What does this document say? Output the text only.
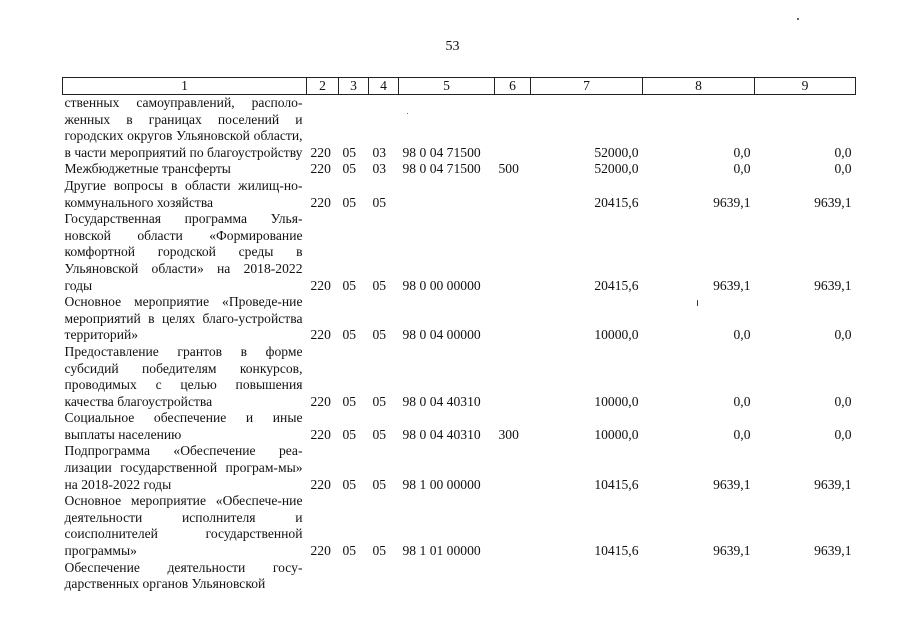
53
1	2	3	4	5	6	7	8	9
ственных самоуправлений, располо-женных в границах поселений и городских округов Ульяновской области, в части мероприятий по благоустройству	220	05	03	98 0 04 71500		52000,0	0,0	0,0
Межбюджетные трансферты	220	05	03	98 0 04 71500	500	52000,0	0,0	0,0
Другие вопросы в области жилищ-но-коммунального хозяйства	220	05	05			20415,6	9639,1	9639,1
Государственная программа Улья-новской области «Формирование комфортной городской среды в Ульяновской области» на 2018-2022 годы	220	05	05	98 0 00 00000		20415,6	9639,1	9639,1
Основное мероприятие «Проведе-ние мероприятий в целях благо-устройства территорий»	220	05	05	98 0 04 00000		10000,0	0,0	0,0
Предоставление грантов в форме субсидий победителям конкурсов, проводимых с целью повышения качества благоустройства	220	05	05	98 0 04 40310		10000,0	0,0	0,0
Социальное обеспечение и иные выплаты населению	220	05	05	98 0 04 40310	300	10000,0	0,0	0,0
Подпрограмма «Обеспечение реа-лизации государственной програм-мы» на 2018-2022 годы	220	05	05	98 1 00 00000		10415,6	9639,1	9639,1
Основное мероприятие «Обеспече-ние деятельности исполнителя и соисполнителей государственной программы»	220	05	05	98 1 01 00000		10415,6	9639,1	9639,1
Обеспечение деятельности госу-дарственных органов Ульяновской								
